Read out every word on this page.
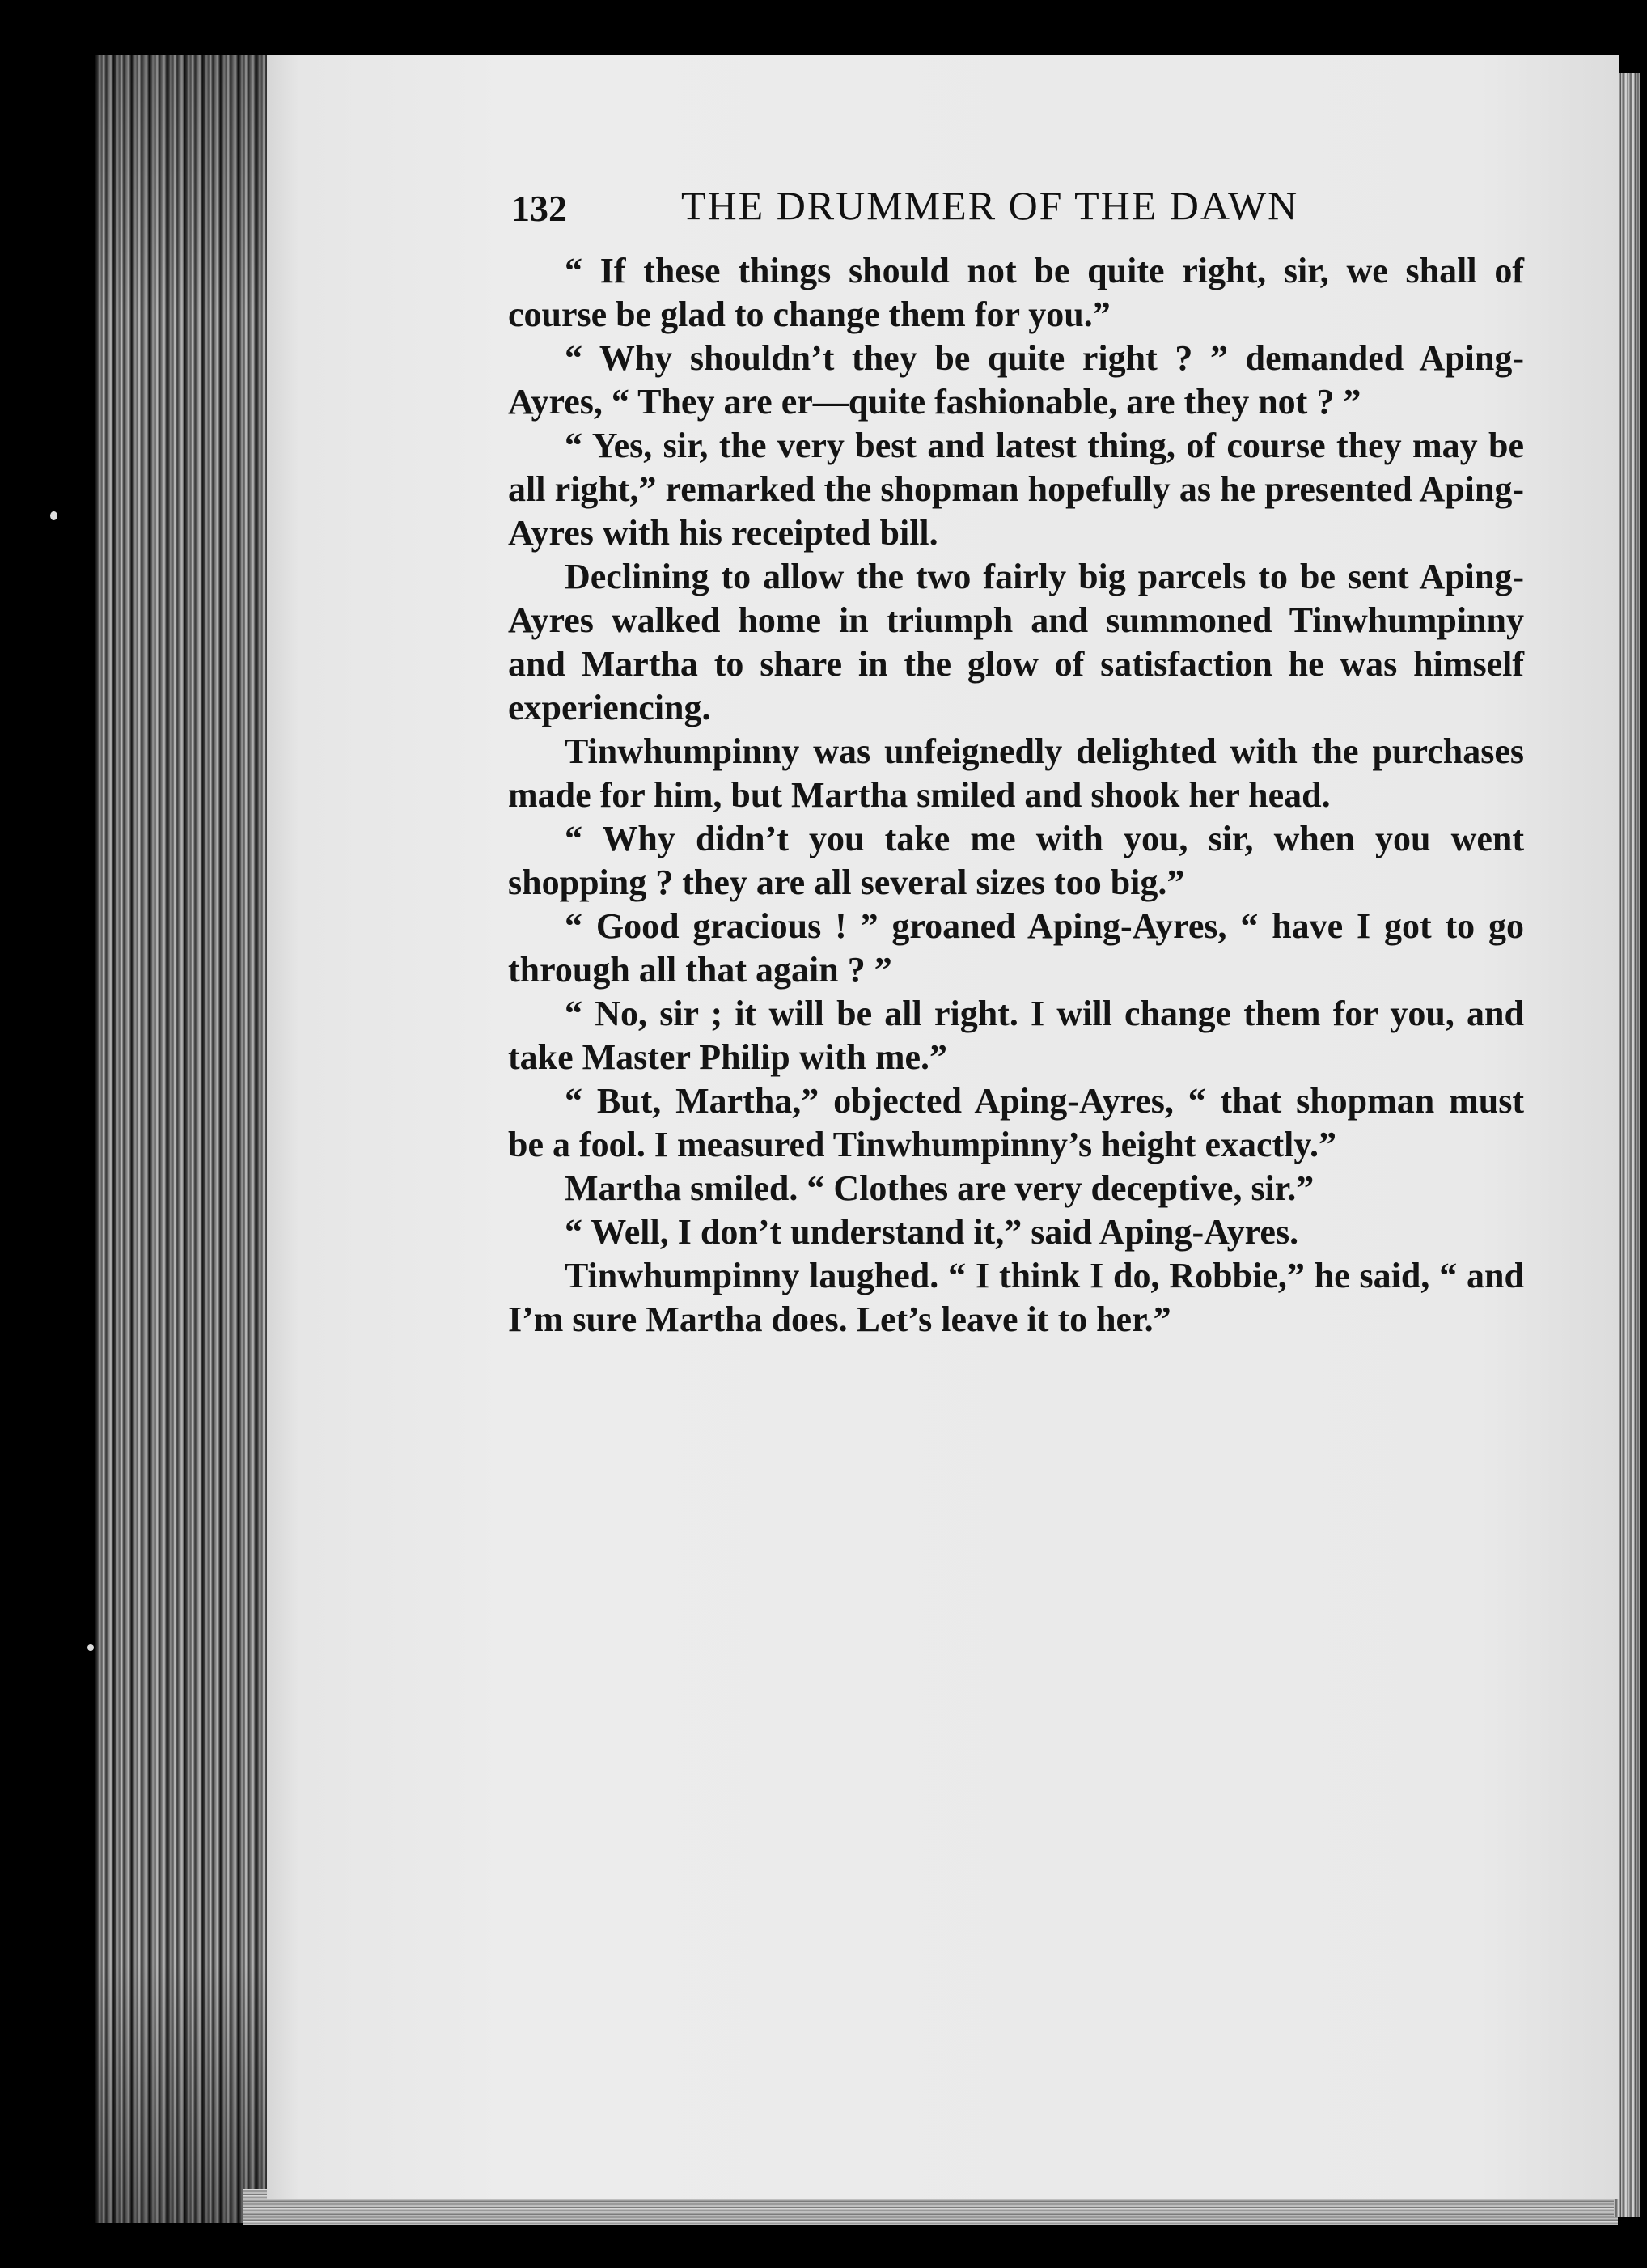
132	THE DRUMMER OF THE DAWN

“ If these things should not be quite right, sir, we shall of course be glad to change them for you.”

“ Why shouldn’t they be quite right ? ” demanded Aping-Ayres, “ They are er—quite fashionable, are they not ? ”

“ Yes, sir, the very best and latest thing, of course they may be all right,” remarked the shopman hopefully as he presented Aping-Ayres with his receipted bill.

Declining to allow the two fairly big parcels to be sent Aping-Ayres walked home in triumph and summoned Tinwhumpinny and Martha to share in the glow of satisfaction he was himself experiencing.

Tinwhumpinny was unfeignedly delighted with the purchases made for him, but Martha smiled and shook her head.

“ Why didn’t you take me with you, sir, when you went shopping ? they are all several sizes too big.”

“ Good gracious ! ” groaned Aping-Ayres, “ have I got to go through all that again ? ”

“ No, sir ; it will be all right. I will change them for you, and take Master Philip with me.”

“ But, Martha,” objected Aping-Ayres, “ that shopman must be a fool. I measured Tinwhumpinny’s height exactly.”

Martha smiled. “ Clothes are very deceptive, sir.”

“ Well, I don’t understand it,” said Aping-Ayres.

Tinwhumpinny laughed. “ I think I do, Robbie,” he said, “ and I’m sure Martha does. Let’s leave it to her.”
